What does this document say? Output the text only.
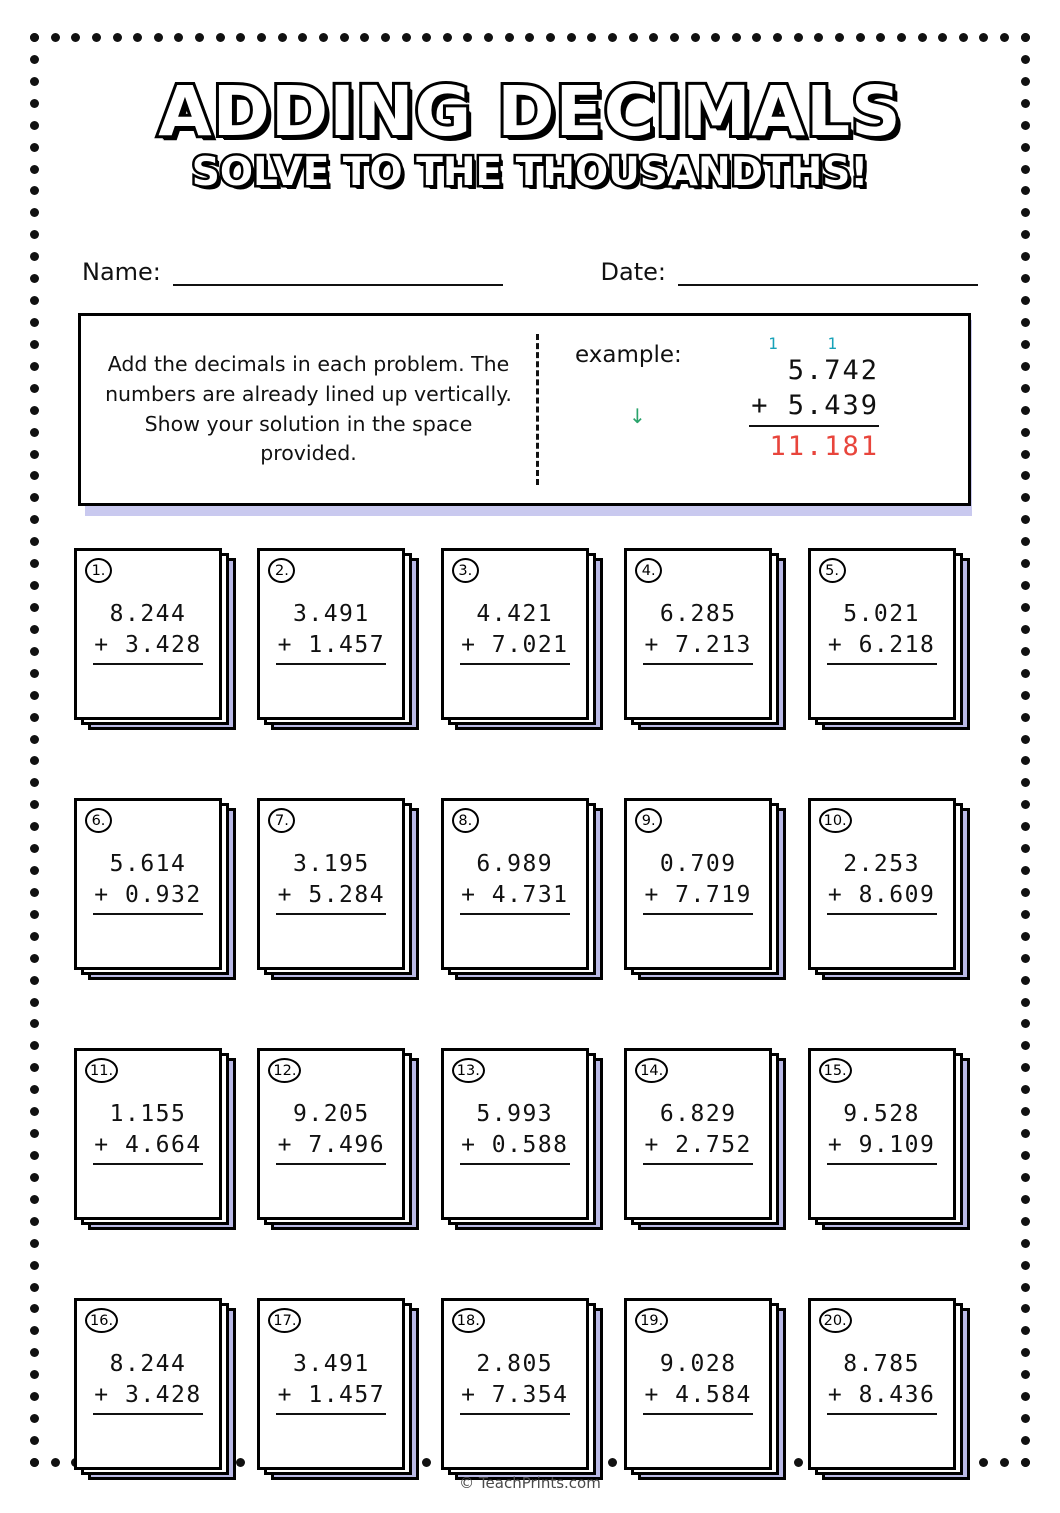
ADDING DECIMALS
SOLVE TO THE THOUSANDTHS!
Name:	Date:
Add the decimals in each problem. The numbers are already lined up vertically. Show your solution in the space provided.
example:	1 1
5.742
+ 5.439
11.181
↓
1.
8.244
+ 3.428
2.
3.491
+ 1.457
3.
4.421
+ 7.021
4.
6.285
+ 7.213
5.
5.021
+ 6.218
6.
5.614
+ 0.932
7.
3.195
+ 5.284
8.
6.989
+ 4.731
9.
0.709
+ 7.719
10.
2.253
+ 8.609
11.
1.155
+ 4.664
12.
9.205
+ 7.496
13.
5.993
+ 0.588
14.
6.829
+ 2.752
15.
9.528
+ 9.109
16.
8.244
+ 3.428
17.
3.491
+ 1.457
18.
2.805
+ 7.354
19.
9.028
+ 4.584
20.
8.785
+ 8.436
© TeachPrints.com
